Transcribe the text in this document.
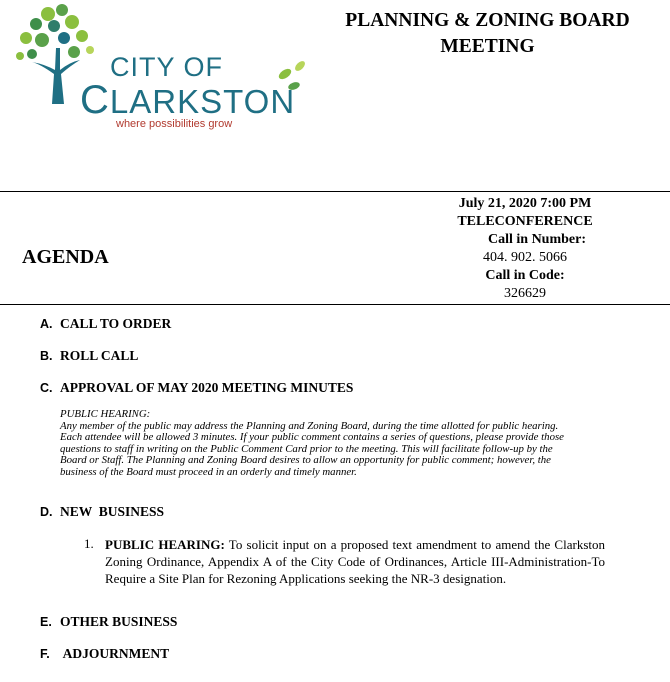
CITY OF
CLARKSTON
where possibilities grow
PLANNING & ZONING BOARD
MEETING
July 21, 2020 7:00 PM
TELECONFERENCE
Call in Number:
404. 902. 5066
Call in Code:
326629
AGENDA
A. CALL TO ORDER
B. ROLL CALL
C. APPROVAL OF MAY 2020 MEETING MINUTES
PUBLIC HEARING:
Any member of the public may address the Planning and Zoning Board, during the time allotted for public hearing. Each attendee will be allowed 3 minutes. If your public comment contains a series of questions, please provide those questions to staff in writing on the Public Comment Card prior to the meeting. This will facilitate follow-up by the Board or Staff. The Planning and Zoning Board desires to allow an opportunity for public comment; however, the business of the Board must proceed in an orderly and timely manner.
D. NEW  BUSINESS
1. PUBLIC HEARING: To solicit input on a proposed text amendment to amend the Clarkston Zoning Ordinance, Appendix A of the City Code of Ordinances, Article III-Administration-To Require a Site Plan for Rezoning Applications seeking the NR-3 designation.
E. OTHER BUSINESS
F. ADJOURNMENT
